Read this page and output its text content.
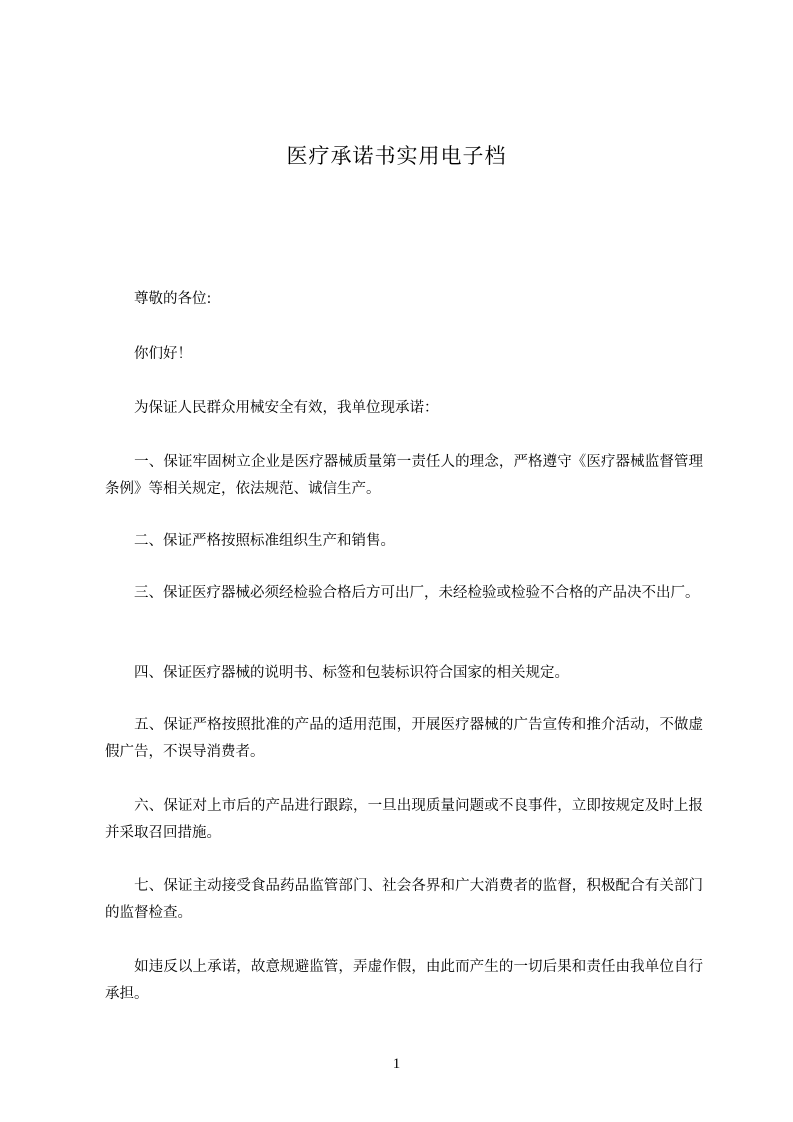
医疗承诺书实用电子档
　　尊敬的各位:
　　你们好！
　　为保证人民群众用械安全有效，我单位现承诺：
　　一、保证牢固树立企业是医疗器械质量第一责任人的理念，严格遵守《医疗器械监督管理条例》等相关规定，依法规范、诚信生产。
　　二、保证严格按照标准组织生产和销售。
　　三、保证医疗器械必须经检验合格后方可出厂，未经检验或检验不合格的产品决不出厂。
　　四、保证医疗器械的说明书、标签和包装标识符合国家的相关规定。
　　五、保证严格按照批准的产品的适用范围，开展医疗器械的广告宣传和推介活动，不做虚假广告，不误导消费者。
　　六、保证对上市后的产品进行跟踪，一旦出现质量问题或不良事件，立即按规定及时上报并采取召回措施。
　　七、保证主动接受食品药品监管部门、社会各界和广大消费者的监督，积极配合有关部门的监督检查。
　　如违反以上承诺，故意规避监管，弄虚作假，由此而产生的一切后果和责任由我单位自行承担。
1
